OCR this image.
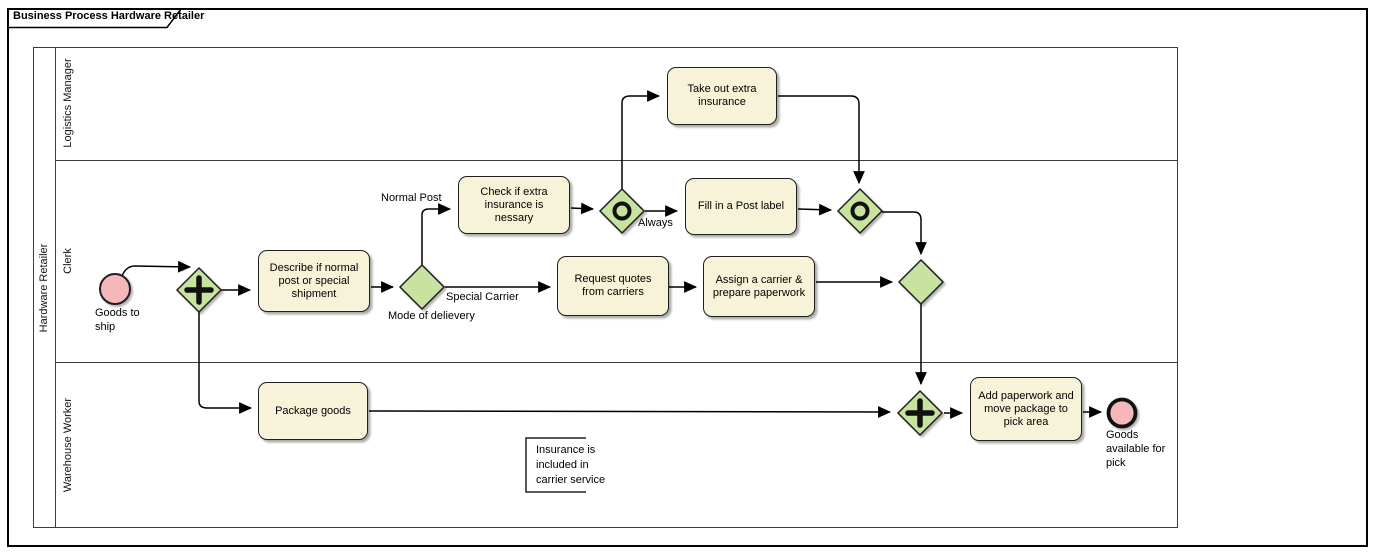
Business Process Hardware Retailer
Hardware Retailer
Logistics Manager
Clerk
Warehouse Worker
Describe if normal post or special shipment
Check if extra insurance is nessary
Take out extra insurance
Fill in a Post label
Request quotes from carriers
Assign a carrier & prepare paperwork
Package goods
Add paperwork and move package to pick area
Goods to ship
Goods available for pick
Normal Post
Special Carrier
Mode of delievery
Always
Insurance is included in carrier service
